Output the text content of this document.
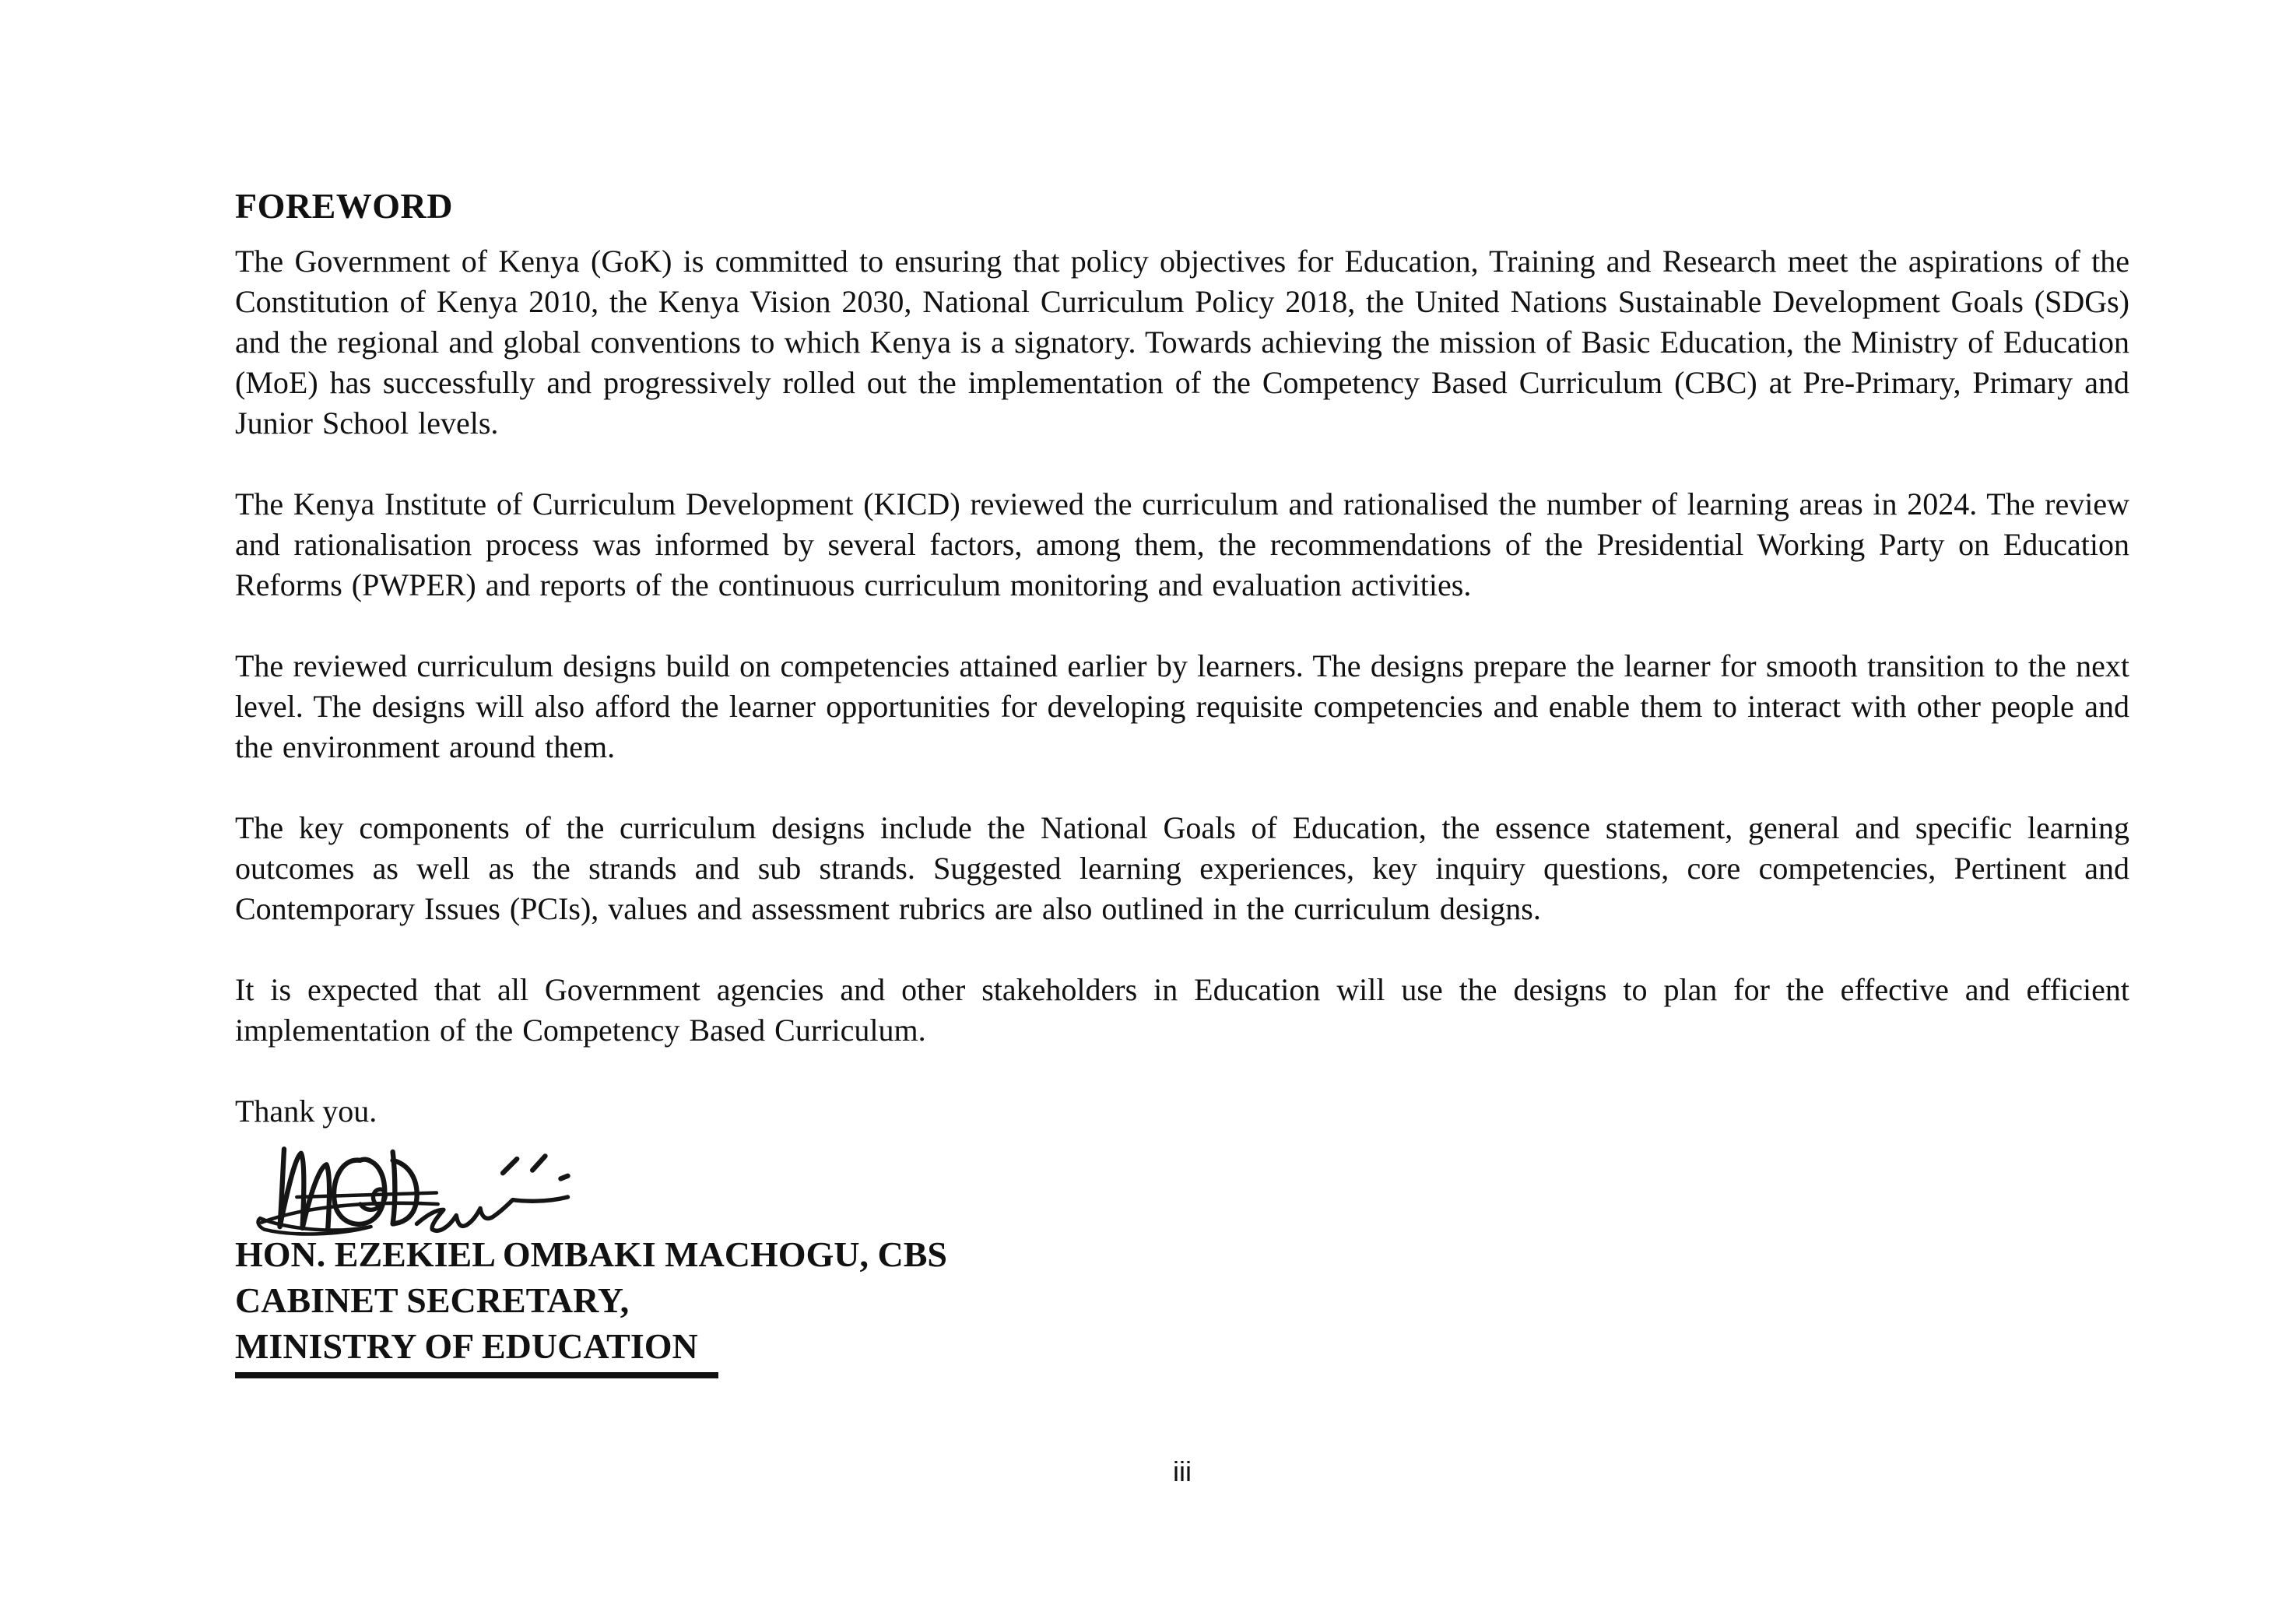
FOREWORD

The Government of Kenya (GoK) is committed to ensuring that policy objectives for Education, Training and Research meet the aspirations of the Constitution of Kenya 2010, the Kenya Vision 2030, National Curriculum Policy 2018, the United Nations Sustainable Development Goals (SDGs) and the regional and global conventions to which Kenya is a signatory. Towards achieving the mission of Basic Education, the Ministry of Education (MoE) has successfully and progressively rolled out the implementation of the Competency Based Curriculum (CBC) at Pre-Primary, Primary and Junior School levels.

The Kenya Institute of Curriculum Development (KICD) reviewed the curriculum and rationalised the number of learning areas in 2024. The review and rationalisation process was informed by several factors, among them, the recommendations of the Presidential Working Party on Education Reforms (PWPER) and reports of the continuous curriculum monitoring and evaluation activities.

The reviewed curriculum designs build on competencies attained earlier by learners. The designs prepare the learner for smooth transition to the next level. The designs will also afford the learner opportunities for developing requisite competencies and enable them to interact with other people and the environment around them.

The key components of the curriculum designs include the National Goals of Education, the essence statement, general and specific learning outcomes as well as the strands and sub strands. Suggested learning experiences, key inquiry questions, core competencies, Pertinent and Contemporary Issues (PCIs), values and assessment rubrics are also outlined in the curriculum designs.

It is expected that all Government agencies and other stakeholders in Education will use the designs to plan for the effective and efficient implementation of the Competency Based Curriculum.

Thank you.

HON. EZEKIEL OMBAKI MACHOGU, CBS
CABINET SECRETARY,
MINISTRY OF EDUCATION
iii
